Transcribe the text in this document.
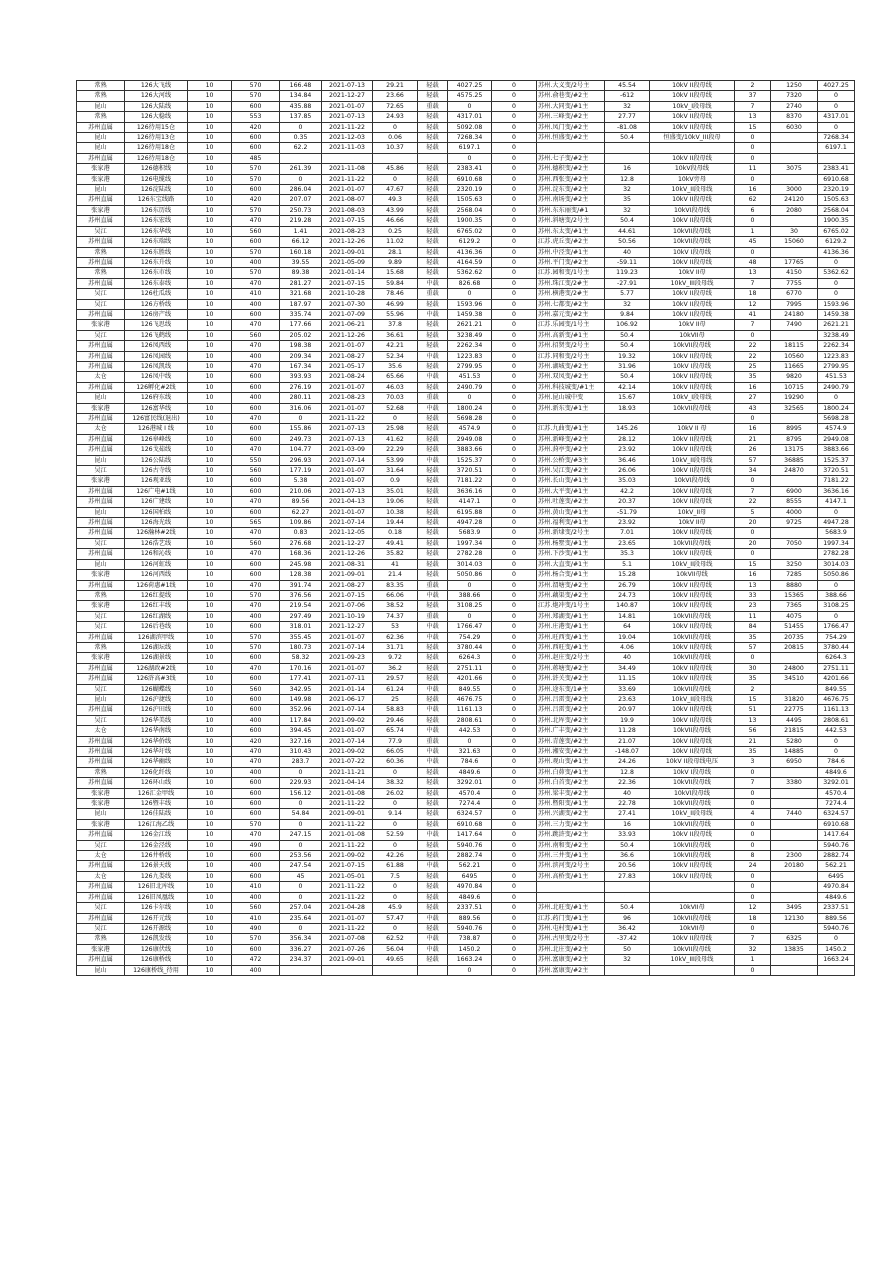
常熟	126大飞线	10	570	166.48	2021-07-13	29.21	轻载	4027.25	0	苏州.大义变/2号主	45.54	10kV II段母线	2	1250	4027.25
常熟	126大河线	10	570	134.84	2021-12-27	23.66	轻载	4575.25	0	苏州.俞巷变/#2主	-612	10kV II段母线	37	7320	0
昆山	126大陆线	10	600	435.88	2021-01-07	72.65	重载	0	0	苏州.大同变/#1主	32	10kV_I段母线	7	2740	0
常熟	126大稳线	10	553	137.85	2021-07-13	24.93	轻载	4317.01	0	苏州.三峰变/#2主	27.77	10kV II段母线	13	8370	4317.01
苏州直属	126待用15仓	10	420	0	2021-11-22	0	轻载	5092.08	0	苏州.凤门变/#2主	-81.08	10kV II段母线	15	6030	0
昆山	126待用13仓	10	600	0.35	2021-12-03	0.06	轻载	7268.34	0	苏州.恒盛变/#2主	50.4	恒盛变/10kV_III段母	0		7268.34
昆山	126待用18仓	10	600	62.2	2021-11-03	10.37	轻载	6197.1	0				0		6197.1
苏州直属	126待用18仓	10	485					0	0	苏州.七子变/#2主		10kV II段母线	0		
张家港	126德积线	10	570	261.39	2021-11-08	45.86	轻载	2383.41	0	苏州.德积变/#2主	16	10kV段母线	11	3075	2383.41
张家港	126电缆线	10	570	0	2021-11-22	0	轻载	6910.68	0	苏州.西张变/#2主	12.8	10kV旁母	0		6910.68
昆山	126淀陆线	10	600	286.04	2021-01-07	47.67	轻载	2320.19	0	苏州.淀东变/#2主	32	10kV_II段母线	16	3000	2320.19
苏州直属	126东宝线路	10	420	207.07	2021-08-07	49.3	轻载	1505.63	0	苏州.南场变/#2主	35	10kV II段母线	62	24120	1505.63
张家港	126东历线	10	570	250.73	2021-08-03	43.99	轻载	2568.04	0	苏州.东东丽变/#1	32	10kVI段母线	6	2080	2568.04
苏州直属	126东宏线	10	470	219.28	2021-07-15	46.66	轻载	1900.35	0	苏州.斜塘变/2号主	50.4	10kV II段母线	0		1900.35
吴江	126东华线	10	560	1.41	2021-08-23	0.25	轻载	6765.02	0	苏州.东太变/#1主	44.61	10kVII段母线	1	30	6765.02
苏州直属	126东瑞线	10	600	66.12	2021-12-26	11.02	轻载	6129.2	0	江苏.虎丘变/#2主	50.56	10kVII段母线	45	15060	6129.2
常熟	126东胜线	10	570	160.18	2021-09-01	28.1	轻载	4136.36	0	苏州.中泾变/#1主	40	10kV I段母线	0		4136.36
苏州直属	126东升线	10	400	39.55	2021-05-09	9.89	轻载	4164.59	0	苏州.平门变/#2主	-59.11	10kV II段母线	48	17765	0
常熟	126东市线	10	570	89.38	2021-01-14	15.68	轻载	5362.62	0	江苏.园和变/1号主	119.23	10kV II母	13	4150	5362.62
苏州直属	126东泰线	10	470	281.27	2021-07-15	59.84	中载	826.68	0	苏州.珠江变/2#主	-27.91	10kV_III段母线	7	7755	0
吴江	126杜瓜线	10	410	321.68	2021-10-28	78.46	重载	0	0	苏州.横港变/2#主	5.77	10kV II段母线	18	6770	0
吴江	126方桥线	10	400	187.97	2021-07-30	46.99	轻载	1593.96	0	苏州.七都变/#2主	32	10kV II段母线	12	7995	1593.96
苏州直属	126房产线	10	600	335.74	2021-07-09	55.96	中载	1459.38	0	苏州.嘉元变/#2主	9.84	10kV II段母线	41	24180	1459.38
张家港	126飞思线	10	470	177.66	2021-06-21	37.8	轻载	2621.21	0	江苏.乐园变/1号主	106.92	10kV II母	7	7490	2621.21
吴江	126飞鹤线	10	560	205.02	2021-12-26	36.61	轻载	3238.49	0	苏州.高新变/#1主	50.4	10kVII母	0		3238.49
苏州直属	126凤西线	10	470	198.38	2021-01-07	42.21	轻载	2262.34	0	苏州.招贤变/2号主	50.4	10kVII段母线	22	18115	2262.34
苏州直属	126凤园线	10	400	209.34	2021-08-27	52.34	中载	1223.83	0	江苏.同和变/2号主	19.32	10kV II段母线	22	10560	1223.83
苏州直属	126凤凯线	10	470	167.34	2021-05-17	35.6	轻载	2799.95	0	苏州.湖城变/#2主	31.96	10kV I段母线	25	11665	2799.95
太仓	126凤中线	10	600	393.93	2021-08-24	65.66	中载	451.53	0	苏州.双凤变/#2主	50.4	10kV II段母线	35	9820	451.53
苏州直属	126孵化#2线	10	600	276.19	2021-01-07	46.03	轻载	2490.79	0	苏州.科技城变/#1主	42.14	10kV II段母线	16	10715	2490.79
昆山	126府东线	10	400	280.11	2021-08-23	70.03	重载	0	0	苏州.昆山城中变	15.67	10kV_I段母线	27	19290	0
张家港	126富华线	10	600	316.06	2021-01-07	52.68	中载	1800.24	0	苏州.新东变/#1主	18.93	10kVII段母线	43	32565	1800.24
苏州直属	126富民线(退出)	10	470	0	2021-11-22	0	轻载	5698.28	0				0		5698.28
太仓	126港城 I 线	10	600	155.86	2021-07-13	25.98	轻载	4574.9	0	江苏.九曲变/#1主	145.26	10kV II 母	16	8995	4574.9
苏州直属	126皋峰线	10	600	249.73	2021-07-13	41.62	轻载	2949.08	0	苏州.新峰变/#2主	28.12	10kV II段母线	21	8795	2949.08
苏州直属	126戈茹线	10	470	104.77	2021-03-09	22.29	轻载	3883.66	0	苏州.葑亭变/#2主	23.92	10kV II段母线	26	13175	3883.66
昆山	126公陆线	10	550	296.93	2021-07-14	53.99	中载	1525.37	0	苏州.公桥变/#3主	36.46	10kV_II段母线	57	36885	1525.37
吴江	126古寺线	10	560	177.19	2021-01-07	31.64	轻载	3720.51	0	苏州.吴江变/#2主	26.06	10kV II段母线	34	24870	3720.51
张家港	126观亚线	10	600	5.38	2021-01-07	0.9	轻载	7181.22	0	苏州.长山变/#1主	35.03	10kVI段母线	0		7181.22
苏州直属	126广电#1线	10	600	210.06	2021-07-13	35.01	轻载	3636.16	0	苏州.大平变/#1主	42.2	10kV II段母线	7	6900	3636.16
苏州直属	126广建线	10	470	89.56	2021-04-13	19.06	轻载	4147.1	0	苏州.吐莲变/#2主	20.37	10kV II段母线	22	8555	4147.1
昆山	126国柏线	10	600	62.27	2021-01-07	10.38	轻载	6195.88	0	苏州.黄山变/#1主	-51.79	10kV_II母	5	4000	0
苏州直属	126海光线	10	565	109.86	2021-07-14	19.44	轻载	4947.28	0	苏州.福利变/#1主	23.92	10kV II母	20	9725	4947.28
苏州直属	126瀚林#2线	10	470	0.83	2021-12-05	0.18	轻载	5683.9	0	苏州.新埭变/2号主	7.01	10kV II段母线	0		5683.9
吴江	126浩艺线	10	560	276.68	2021-12-27	49.41	轻载	1997.34	0	苏州.杨墅变/#1主	23.65	10kVII段母线	20	7050	1997.34
苏州直属	126和沁线	10	470	168.36	2021-12-26	35.82	轻载	2782.28	0	苏州.下沙变/#1主	35.3	10kV II段母线	0		2782.28
昆山	126河虹线	10	600	245.98	2021-08-31	41	轻载	3014.03	0	苏州.大直变/#1主	5.1	10kV_II段母线	15	3250	3014.03
张家港	126河西线	10	600	128.38	2021-09-01	21.4	轻载	5050.86	0	苏州.杨合变/#1主	15.28	10kVII母线	16	7285	5050.86
苏州直属	126荷惠#1线	10	470	391.74	2021-08-27	83.35	重载	0	0	苏州.渭塘变/#2主	26.79	10kV II段母线	13	8880	0
常熟	126红提线	10	570	376.56	2021-07-15	66.06	中载	388.66	0	苏州.藕渠变/#2主	24.73	10kV II段母线	33	15365	388.66
张家港	126红丰线	10	470	219.54	2021-07-06	38.52	轻载	3108.25	0	江苏.炮冲变/1号主	140.87	10kV II段母线	23	7365	3108.25
吴江	126红湖线	10	400	297.49	2021-10-19	74.37	重载	0	0	苏州.郑湖变/#1主	14.81	10kVII段母线	11	4075	0
吴江	126后巷线	10	600	318.01	2021-12-27	53	中载	1766.47	0	苏州.庄港变/#1主	64	10kV II段母线	84	51455	1766.47
苏州直属	126湖滨甲线	10	570	355.45	2021-01-07	62.36	中载	754.29	0	苏州.旺西变/#1主	19.04	10kVII段母线	35	20735	754.29
常熟	126湖坛线	10	570	180.73	2021-07-14	31.71	轻载	3780.44	0	苏州.西旺变/#1主	4.06	10kV II段母线	57	20815	3780.44
张家港	126湖景线	10	600	58.32	2021-09-23	9.72	轻载	6264.3	0	苏州.赵庄变/2号主	40	10kVII段母线	0		6264.3
苏州直属	126湖政#2线	10	470	170.16	2021-01-07	36.2	轻载	2751.11	0	苏州.蒋塘变/#2主	34.49	10kV II段母线	30	24800	2751.11
苏州直属	126浒高#3线	10	600	177.41	2021-07-11	29.57	轻载	4201.66	0	苏州.浒关变/#2主	11.15	10kV II段母线	35	34510	4201.66
吴江	126蝴蝶线	10	560	342.95	2021-01-14	61.24	中载	849.55	0	苏州.途东变/1#主	33.69	10kVII段母线	2		849.55
昆山	126沪捷线	10	600	149.98	2021-06-17	25	轻载	4676.75	0	苏州.吕雷变/#2主	23.63	10kV_II段母线	15	31820	4676.75
苏州直属	126沪田线	10	600	352.96	2021-07-14	58.83	中载	1161.13	0	苏州.吕雷变/#2主	20.97	10kV II段母线	51	22775	1161.13
吴江	126华美线	10	400	117.84	2021-09-02	29.46	轻载	2808.61	0	苏州.北厍变/#2主	19.9	10kV II段母线	13	4495	2808.61
太仓	126华南线	10	600	394.45	2021-01-07	65.74	中载	442.53	0	苏州.广丰变/#2主	11.28	10kVII段母线	56	21815	442.53
苏州直属	126华侨线	10	420	327.16	2021-07-14	77.9	重载	0	0	苏州.青莲变/#2主	21.07	10kV II段母线	21	5280	0
苏州直属	126华圩线	10	470	310.43	2021-09-02	66.05	中载	321.63	0	苏州.湘安变/#2主	-148.07	10kV II段母线	35	14885	0
苏州直属	126华幽线	10	470	283.7	2021-07-22	60.36	中载	784.6	0	苏州.观山变/#1主	24.26	10kV II段母线电压	3	6950	784.6
常熟	126化纤线	10	400	0	2021-11-21	0	轻载	4849.6	0	苏州.白茆变/#1主	12.8	10kV I段母线	0		4849.6
苏州直属	126环山线	10	600	229.93	2021-04-14	38.32	轻载	3292.01	0	苏州.白首变/#2主	22.36	10kVII段母线	7	3380	3292.01
张家港	126汇金甲线	10	600	156.12	2021-01-08	26.02	轻载	4570.4	0	苏州.梁丰变/#2主	40	10kVI段母线	0		4570.4
张家港	126暨丰线	10	600	0	2021-11-22	0	轻载	7274.4	0	苏州.暨阳变/#1主	22.78	10kVII段母线	0		7274.4
昆山	126佳陆线	10	600	54.84	2021-09-01	9.14	轻载	6324.57	0	苏州.兴湖变/#2主	27.41	10kV_II段母线	4	7440	6324.57
张家港	126江海乙线	10	570	0	2021-11-22	0	轻载	6910.68	0	苏州.三力变/#2主	16	10kVII段母线	0		6910.68
苏州直属	126金江线	10	470	247.15	2021-01-08	52.59	中载	1417.64	0	苏州.跳浒变/#2主	33.93	10kV II段母线	0		1417.64
吴江	126金泾线	10	490	0	2021-11-22	0	轻载	5940.76	0	苏州.南和变/#2主	50.4	10kVII段母线	0		5940.76
太仓	126井桥线	10	600	253.56	2021-09-02	42.26	轻载	2882.74	0	苏州.三井变/#1主	36.6	10kVII段母线	8	2300	2882.74
苏州直属	126景天线	10	400	247.54	2021-07-15	61.88	中载	562.21	0	苏州.滨河变/2号主	20.56	10kV II段母线	24	20180	562.21
太仓	126九娄线	10	600	45	2021-05-01	7.5	轻载	6495	0	苏州.高桥变/#1主	27.83	10kV II段母线	0		6495
苏州直属	126旧北库线	10	410	0	2021-11-22	0	轻载	4970.84	0				0		4970.84
苏州直属	126旧凤凰线	10	400	0	2021-11-22	0	轻载	4849.6	0				0		4849.6
吴江	126卡尔线	10	560	257.04	2021-04-28	45.9	轻载	2337.51	0	苏州.北旺变/#1主	50.4	10kVII母	12	3495	2337.51
苏州直属	126开元线	10	410	235.64	2021-01-07	57.47	中载	889.56	0	江苏.药门变/#1主	96	10kVII段母线	18	12130	889.56
吴江	126开源线	10	490	0	2021-11-22	0	轻载	5940.76	0	苏州.屯村变/#1主	36.42	10kVII母	0		5940.76
常熟	126凯发线	10	570	356.34	2021-07-08	62.52	中载	738.87	0	苏州.古里变/2号主	-37.42	10kV II段母线	7	6325	0
张家港	126康伏线	10	600	336.27	2021-07-26	56.04	中载	1450.2	0	苏州.北庄变/#2主	50	10kVII段母线	32	13835	1450.2
苏州直属	126康桥线	10	472	234.37	2021-09-01	49.65	轻载	1663.24	0	苏州.富康变/#2主	32	10kV_III段母线	1		1663.24
昆山	126康桥线_待用	10	400					0	0	苏州.富康变/#2主			0		
